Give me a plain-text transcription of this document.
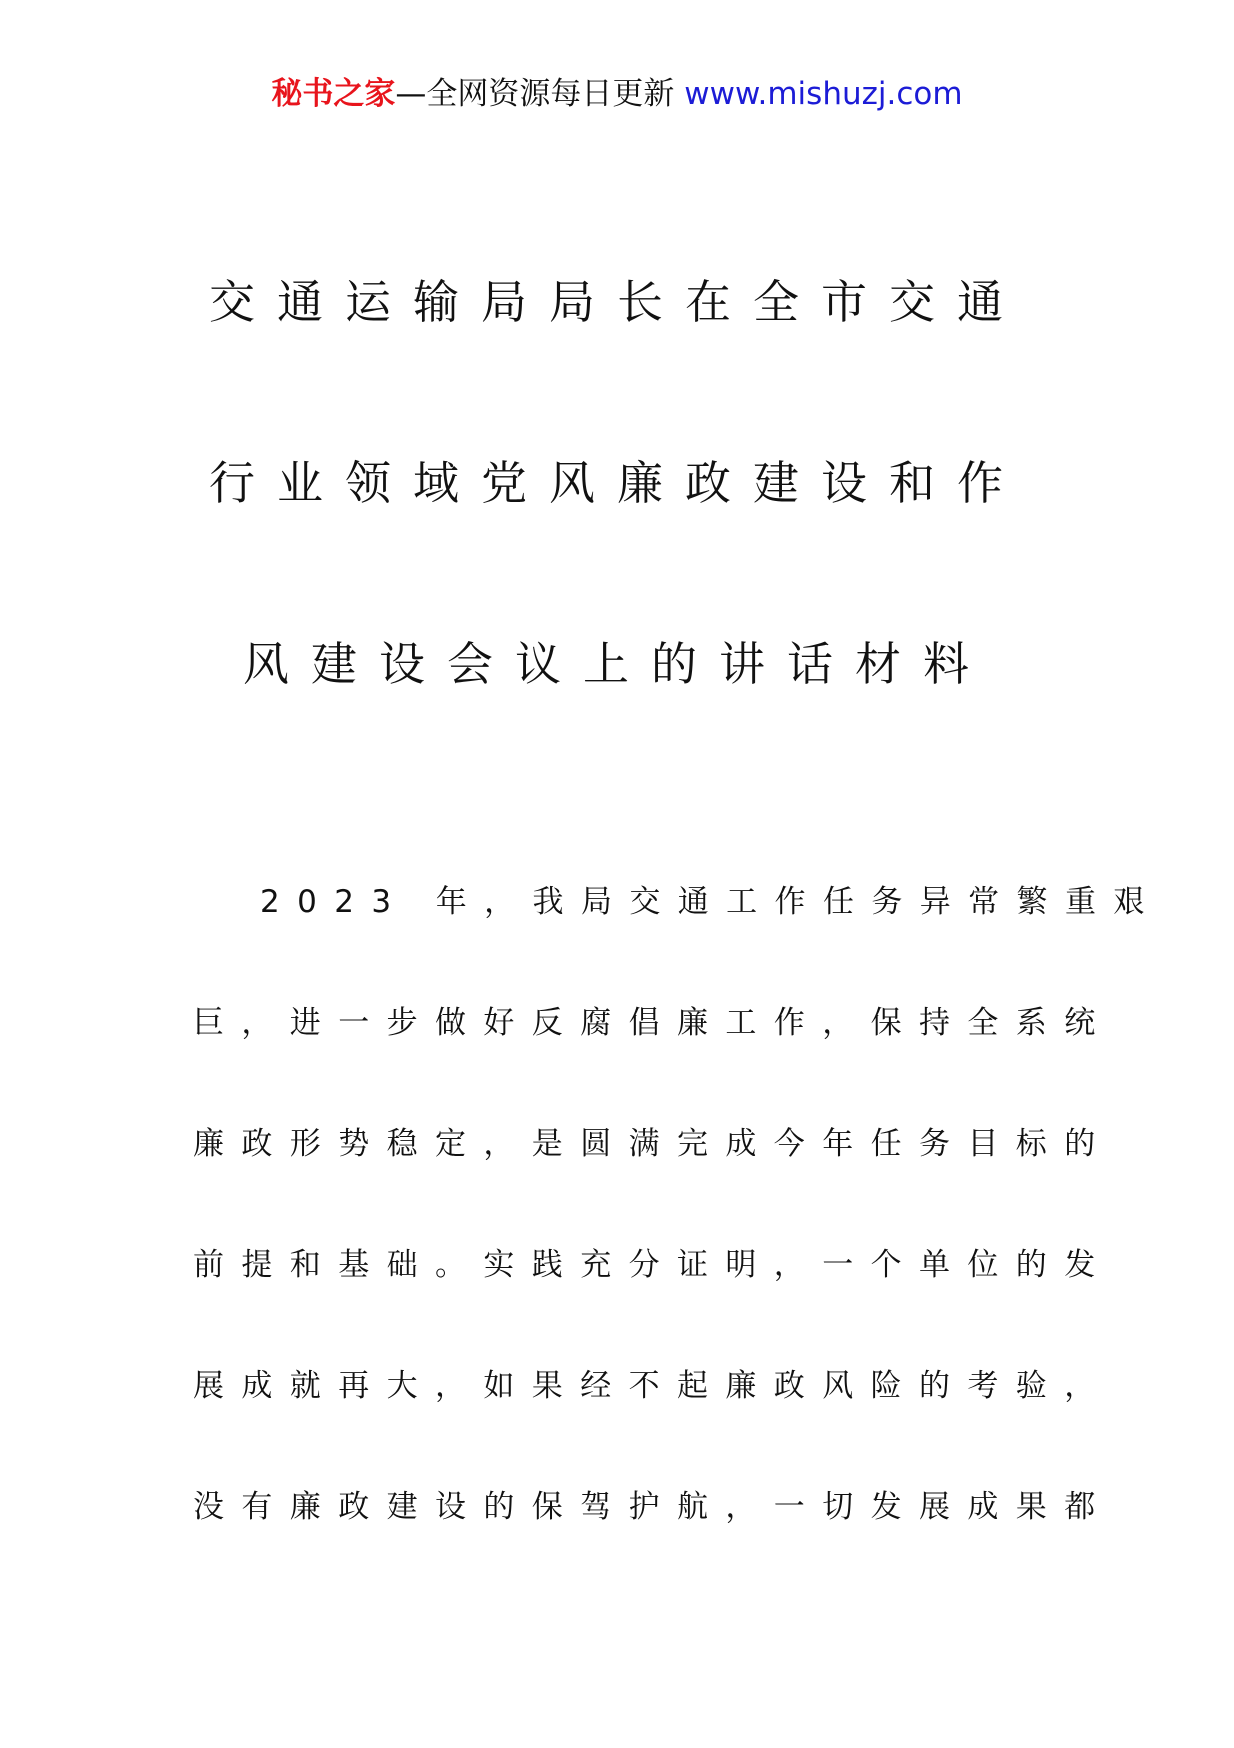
秘书之家—全网资源每日更新 www.mishuzj.com
交通运输局局长在全市交通
行业领域党风廉政建设和作
风建设会议上的讲话材料
2023 年，我局交通工作任务异常繁重艰
巨，进一步做好反腐倡廉工作，保持全系统
廉政形势稳定，是圆满完成今年任务目标的
前提和基础。实践充分证明，一个单位的发
展成就再大，如果经不起廉政风险的考验，
没有廉政建设的保驾护航，一切发展成果都
